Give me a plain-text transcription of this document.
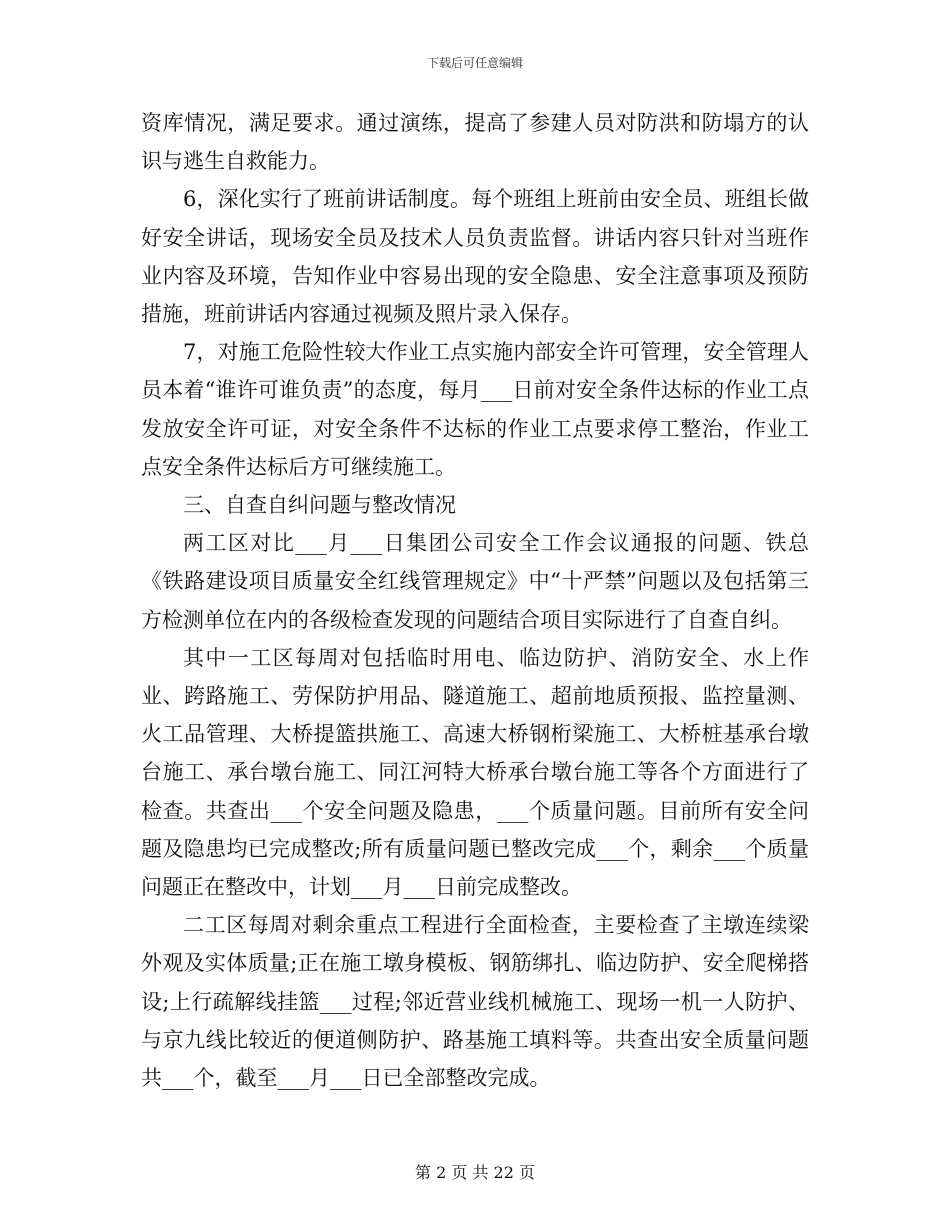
下载后可任意编辑

资库情况，满足要求。通过演练，提高了参建人员对防洪和防塌方的认识与逃生自救能力。

6，深化实行了班前讲话制度。每个班组上班前由安全员、班组长做好安全讲话，现场安全员及技术人员负责监督。讲话内容只针对当班作业内容及环境，告知作业中容易出现的安全隐患、安全注意事项及预防措施，班前讲话内容通过视频及照片录入保存。

7，对施工危险性较大作业工点实施内部安全许可管理，安全管理人员本着“谁许可谁负责”的态度，每月___日前对安全条件达标的作业工点发放安全许可证，对安全条件不达标的作业工点要求停工整治，作业工点安全条件达标后方可继续施工。

三、自查自纠问题与整改情况

两工区对比___月___日集团公司安全工作会议通报的问题、铁总《铁路建设项目质量安全红线管理规定》中“十严禁”问题以及包括第三方检测单位在内的各级检查发现的问题结合项目实际进行了自查自纠。

其中一工区每周对包括临时用电、临边防护、消防安全、水上作业、跨路施工、劳保防护用品、隧道施工、超前地质预报、监控量测、火工品管理、大桥提篮拱施工、高速大桥钢桁梁施工、大桥桩基承台墩台施工、承台墩台施工、同江河特大桥承台墩台施工等各个方面进行了检查。共查出___个安全问题及隐患，___个质量问题。目前所有安全问题及隐患均已完成整改;所有质量问题已整改完成___个，剩余___个质量问题正在整改中，计划___月___日前完成整改。

二工区每周对剩余重点工程进行全面检查，主要检查了主墩连续梁外观及实体质量;正在施工墩身模板、钢筋绑扎、临边防护、安全爬梯搭设;上行疏解线挂篮___过程;邻近营业线机械施工、现场一机一人防护、与京九线比较近的便道侧防护、路基施工填料等。共查出安全质量问题共___个，截至___月___日已全部整改完成。

第 2 页 共 22 页
